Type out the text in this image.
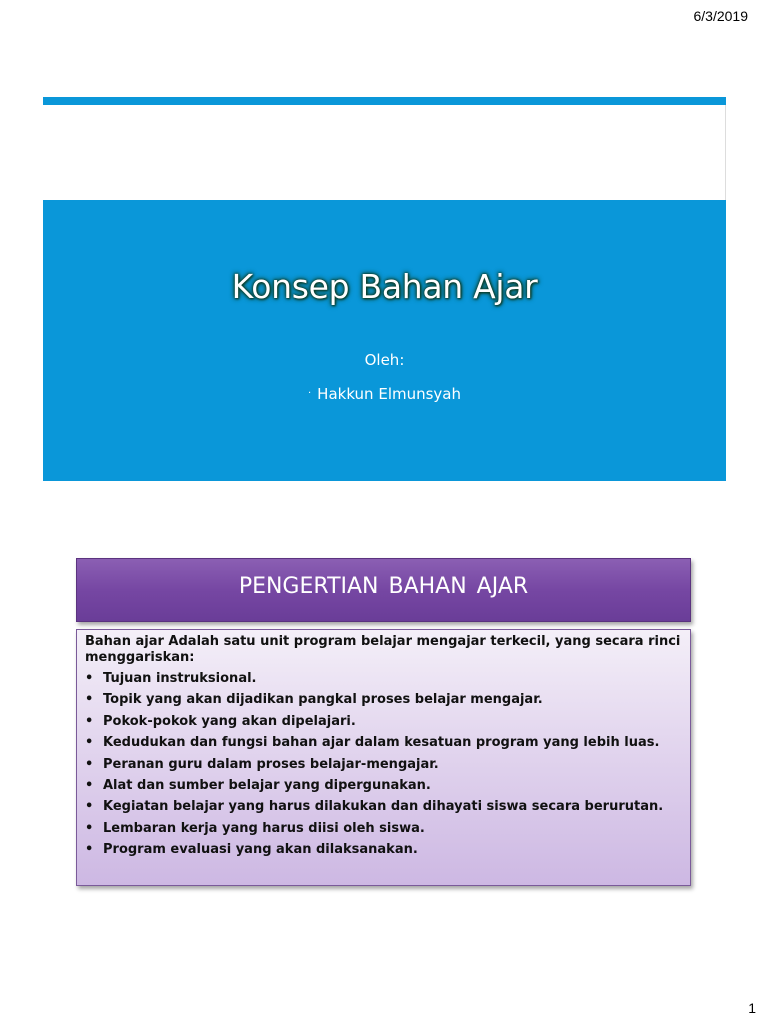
6/3/2019
Konsep Bahan Ajar
Oleh:
· Hakkun Elmunsyah
PENGERTIAN BAHAN AJAR
Bahan ajar Adalah satu unit program belajar mengajar terkecil, yang secara rinci menggariskan:
• Tujuan instruksional.
• Topik yang akan dijadikan pangkal proses belajar mengajar.
• Pokok-pokok yang akan dipelajari.
• Kedudukan dan fungsi bahan ajar dalam kesatuan program yang lebih luas.
• Peranan guru dalam proses belajar-mengajar.
• Alat dan sumber belajar yang dipergunakan.
• Kegiatan belajar yang harus dilakukan dan dihayati siswa secara berurutan.
• Lembaran kerja yang harus diisi oleh siswa.
• Program evaluasi yang akan dilaksanakan.
1
